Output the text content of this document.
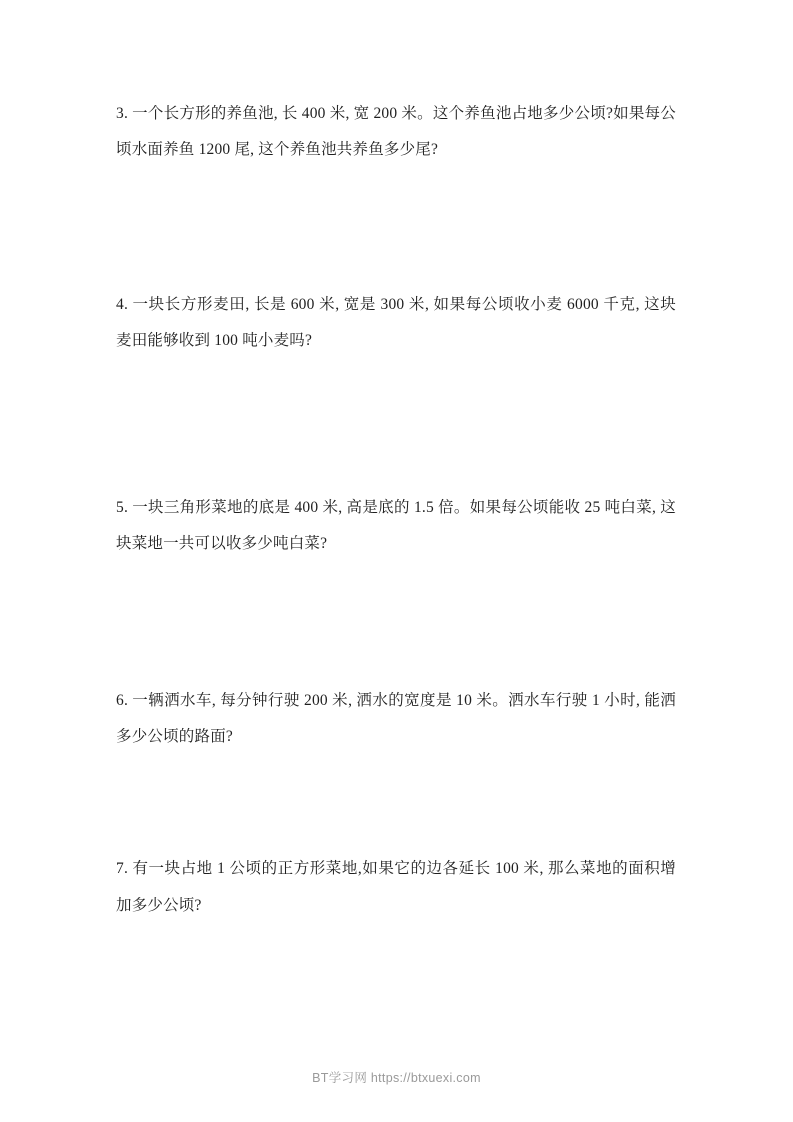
3. 一个长方形的养鱼池, 长 400 米, 宽 200 米。这个养鱼池占地多少公顷?如果每公顷水面养鱼 1200 尾, 这个养鱼池共养鱼多少尾?

4. 一块长方形麦田, 长是 600 米, 宽是 300 米, 如果每公顷收小麦 6000 千克, 这块麦田能够收到 100 吨小麦吗?

5. 一块三角形菜地的底是 400 米, 高是底的 1.5 倍。如果每公顷能收 25 吨白菜, 这块菜地一共可以收多少吨白菜?

6. 一辆洒水车, 每分钟行驶 200 米, 洒水的宽度是 10 米。洒水车行驶 1 小时, 能洒多少公顷的路面?

7. 有一块占地 1 公顷的正方形菜地,如果它的边各延长 100 米, 那么菜地的面积增加多少公顷?

BT学习网 https://btxuexi.com
